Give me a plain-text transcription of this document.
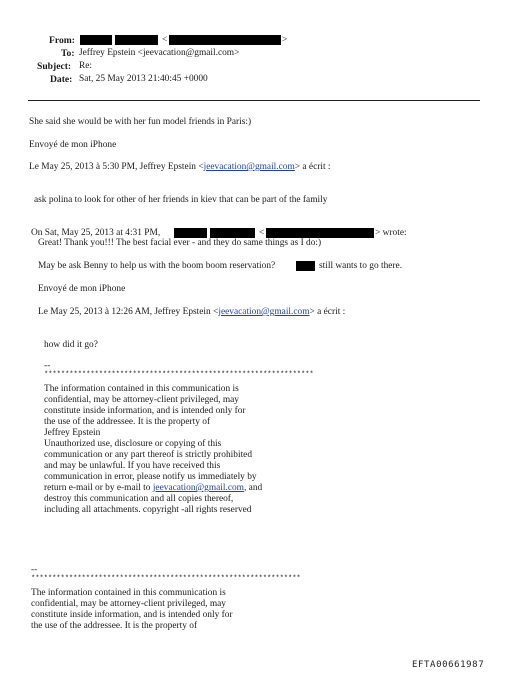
From:	<	>
To: Jeffrey Epstein <jeevacation@gmail.com>
Subject: Re:
Date: Sat, 25 May 2013 21:40:45 +0000
She said she would be with her fun model friends in Paris:)
Envoyé de mon iPhone
Le May 25, 2013 à 5:30 PM, Jeffrey Epstein <jeevacation@gmail.com> a écrit :
ask polina to look for other of her friends in kiev that can be part of the family
On Sat, May 25, 2013 at 4:31 PM,	<	> wrote:
Great! Thank you!!! The best facial ever - and they do same things as I do:)
May be ask Benny to help us with the boom boom reservation?	still wants to go there.
Envoyé de mon iPhone
Le May 25, 2013 à 12:26 AM, Jeffrey Epstein <jeevacation@gmail.com> a écrit :
how did it go?
--
****************************************************************
The information contained in this communication is
confidential, may be attorney-client privileged, may
constitute inside information, and is intended only for
the use of the addressee. It is the property of
Jeffrey Epstein
Unauthorized use, disclosure or copying of this
communication or any part thereof is strictly prohibited
and may be unlawful. If you have received this
communication in error, please notify us immediately by
return e-mail or by e-mail to jeevacation@gmail.com, and
destroy this communication and all copies thereof,
including all attachments. copyright -all rights reserved
--
****************************************************************
The information contained in this communication is
confidential, may be attorney-client privileged, may
constitute inside information, and is intended only for
the use of the addressee. It is the property of
EFTA00661987
